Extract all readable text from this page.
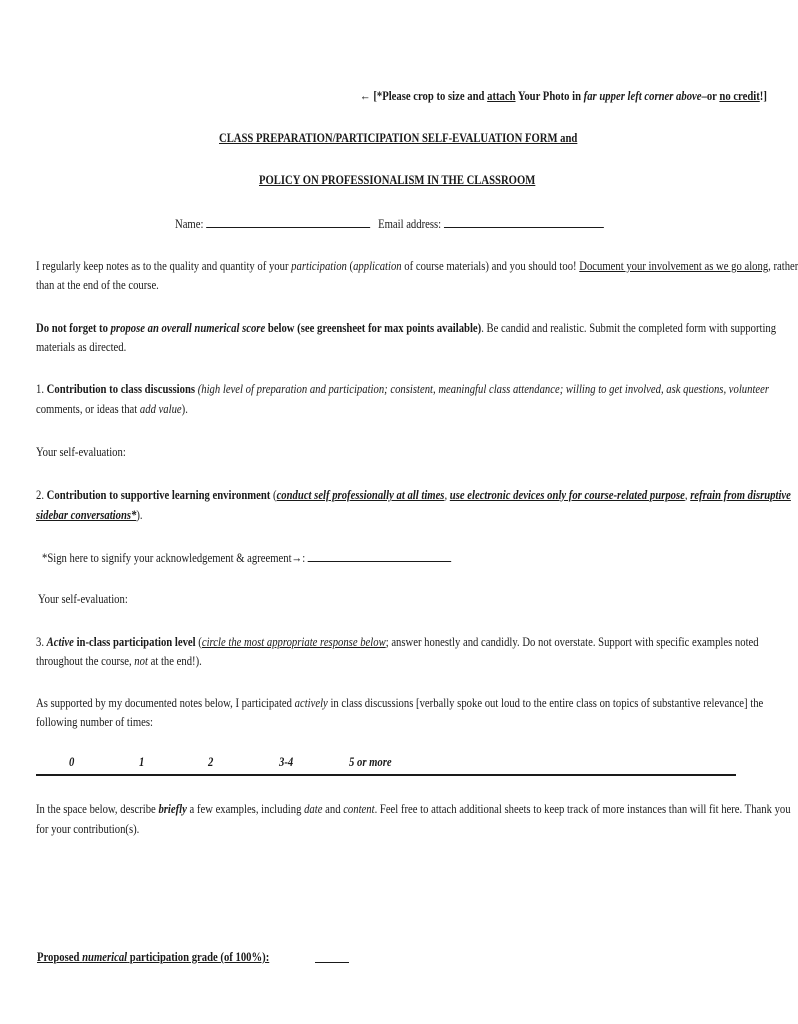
← [*Please crop to size and attach Your Photo in far upper left corner above–or no credit!]
CLASS PREPARATION/PARTICIPATION SELF-EVALUATION FORM and
POLICY ON PROFESSIONALISM IN THE CLASSROOM
Name:	Email address:
I regularly keep notes as to the quality and quantity of your participation (application of course materials) and you should too! Document your involvement as we go along, rather
than at the end of the course.
Do not forget to propose an overall numerical score below (see greensheet for max points available). Be candid and realistic. Submit the completed form with supporting
materials as directed.
1. Contribution to class discussions (high level of preparation and participation; consistent, meaningful class attendance; willing to get involved, ask questions, volunteer
comments, or ideas that add value).
Your self-evaluation:
2. Contribution to supportive learning environment (conduct self professionally at all times, use electronic devices only for course-related purpose, refrain from disruptive
sidebar conversations*).
*Sign here to signify your acknowledgement & agreement→:
Your self-evaluation:
3. Active in-class participation level (circle the most appropriate response below; answer honestly and candidly. Do not overstate. Support with specific examples noted
throughout the course, not at the end!).
As supported by my documented notes below, I participated actively in class discussions [verbally spoke out loud to the entire class on topics of substantive relevance] the
following number of times:
0	1	2	3-4	5 or more
In the space below, describe briefly a few examples, including date and content. Feel free to attach additional sheets to keep track of more instances than will fit here. Thank you
for your contribution(s).
Proposed numerical participation grade (of 100%):
